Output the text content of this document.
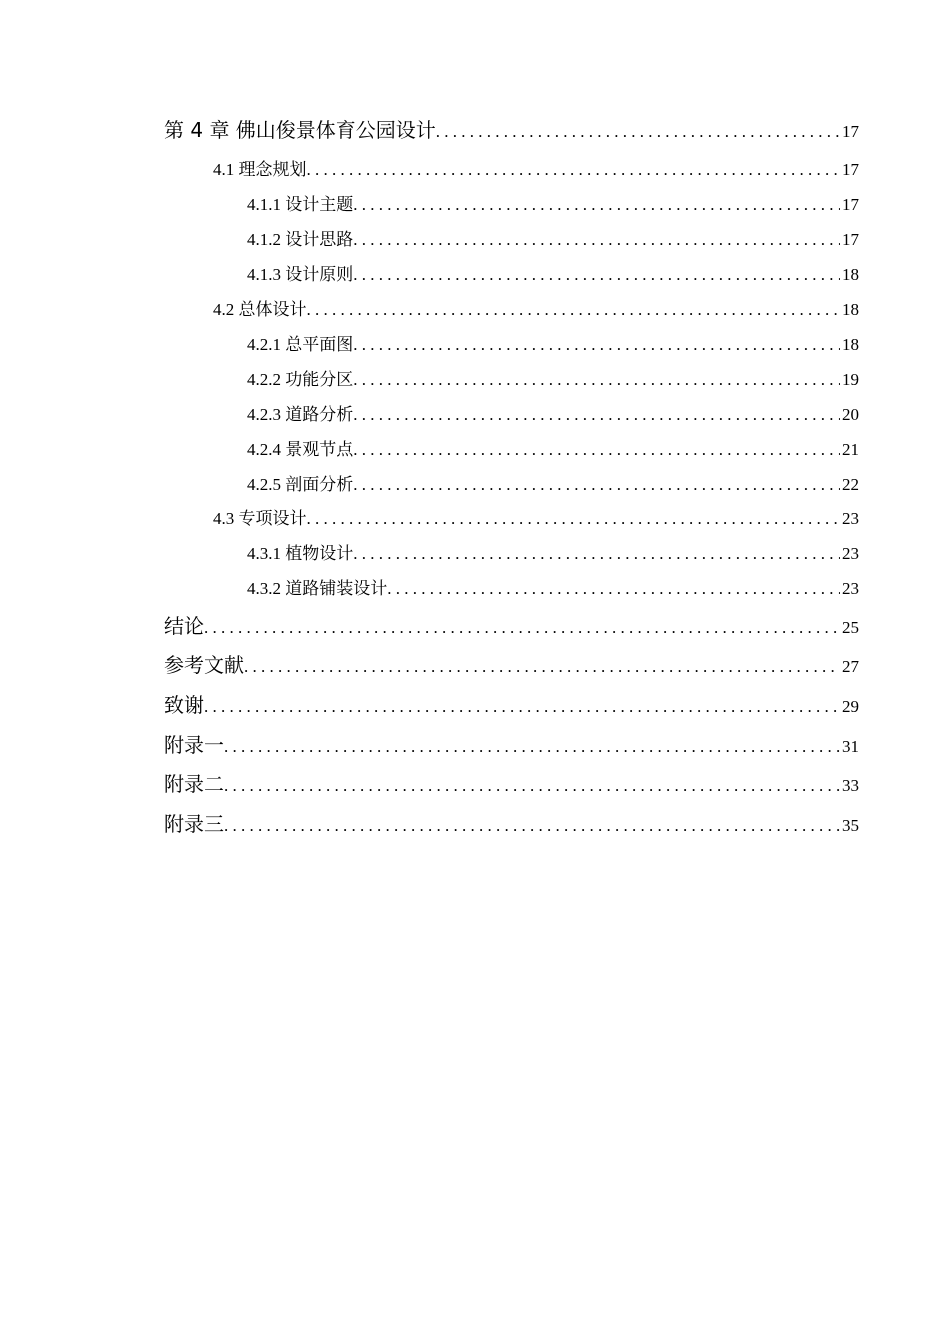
第 4 章 佛山俊景体育公园设计 . . .	17
4.1 理念规划 . . .	17
4.1.1 设计主题 . . .	17
4.1.2 设计思路 . . .	17
4.1.3 设计原则 . . .	18
4.2 总体设计 . . .	18
4.2.1 总平面图 . . .	18
4.2.2 功能分区 . . .	19
4.2.3 道路分析 . . .	20
4.2.4 景观节点 . . .	21
4.2.5 剖面分析 . . .	22
4.3 专项设计 . . .	23
4.3.1 植物设计 . . .	23
4.3.2 道路铺装设计 . . .	23
结论 . . .	25
参考文献 . . .	27
致谢 . . .	29
附录一 . . .	31
附录二 . . .	33
附录三 . . .	35
